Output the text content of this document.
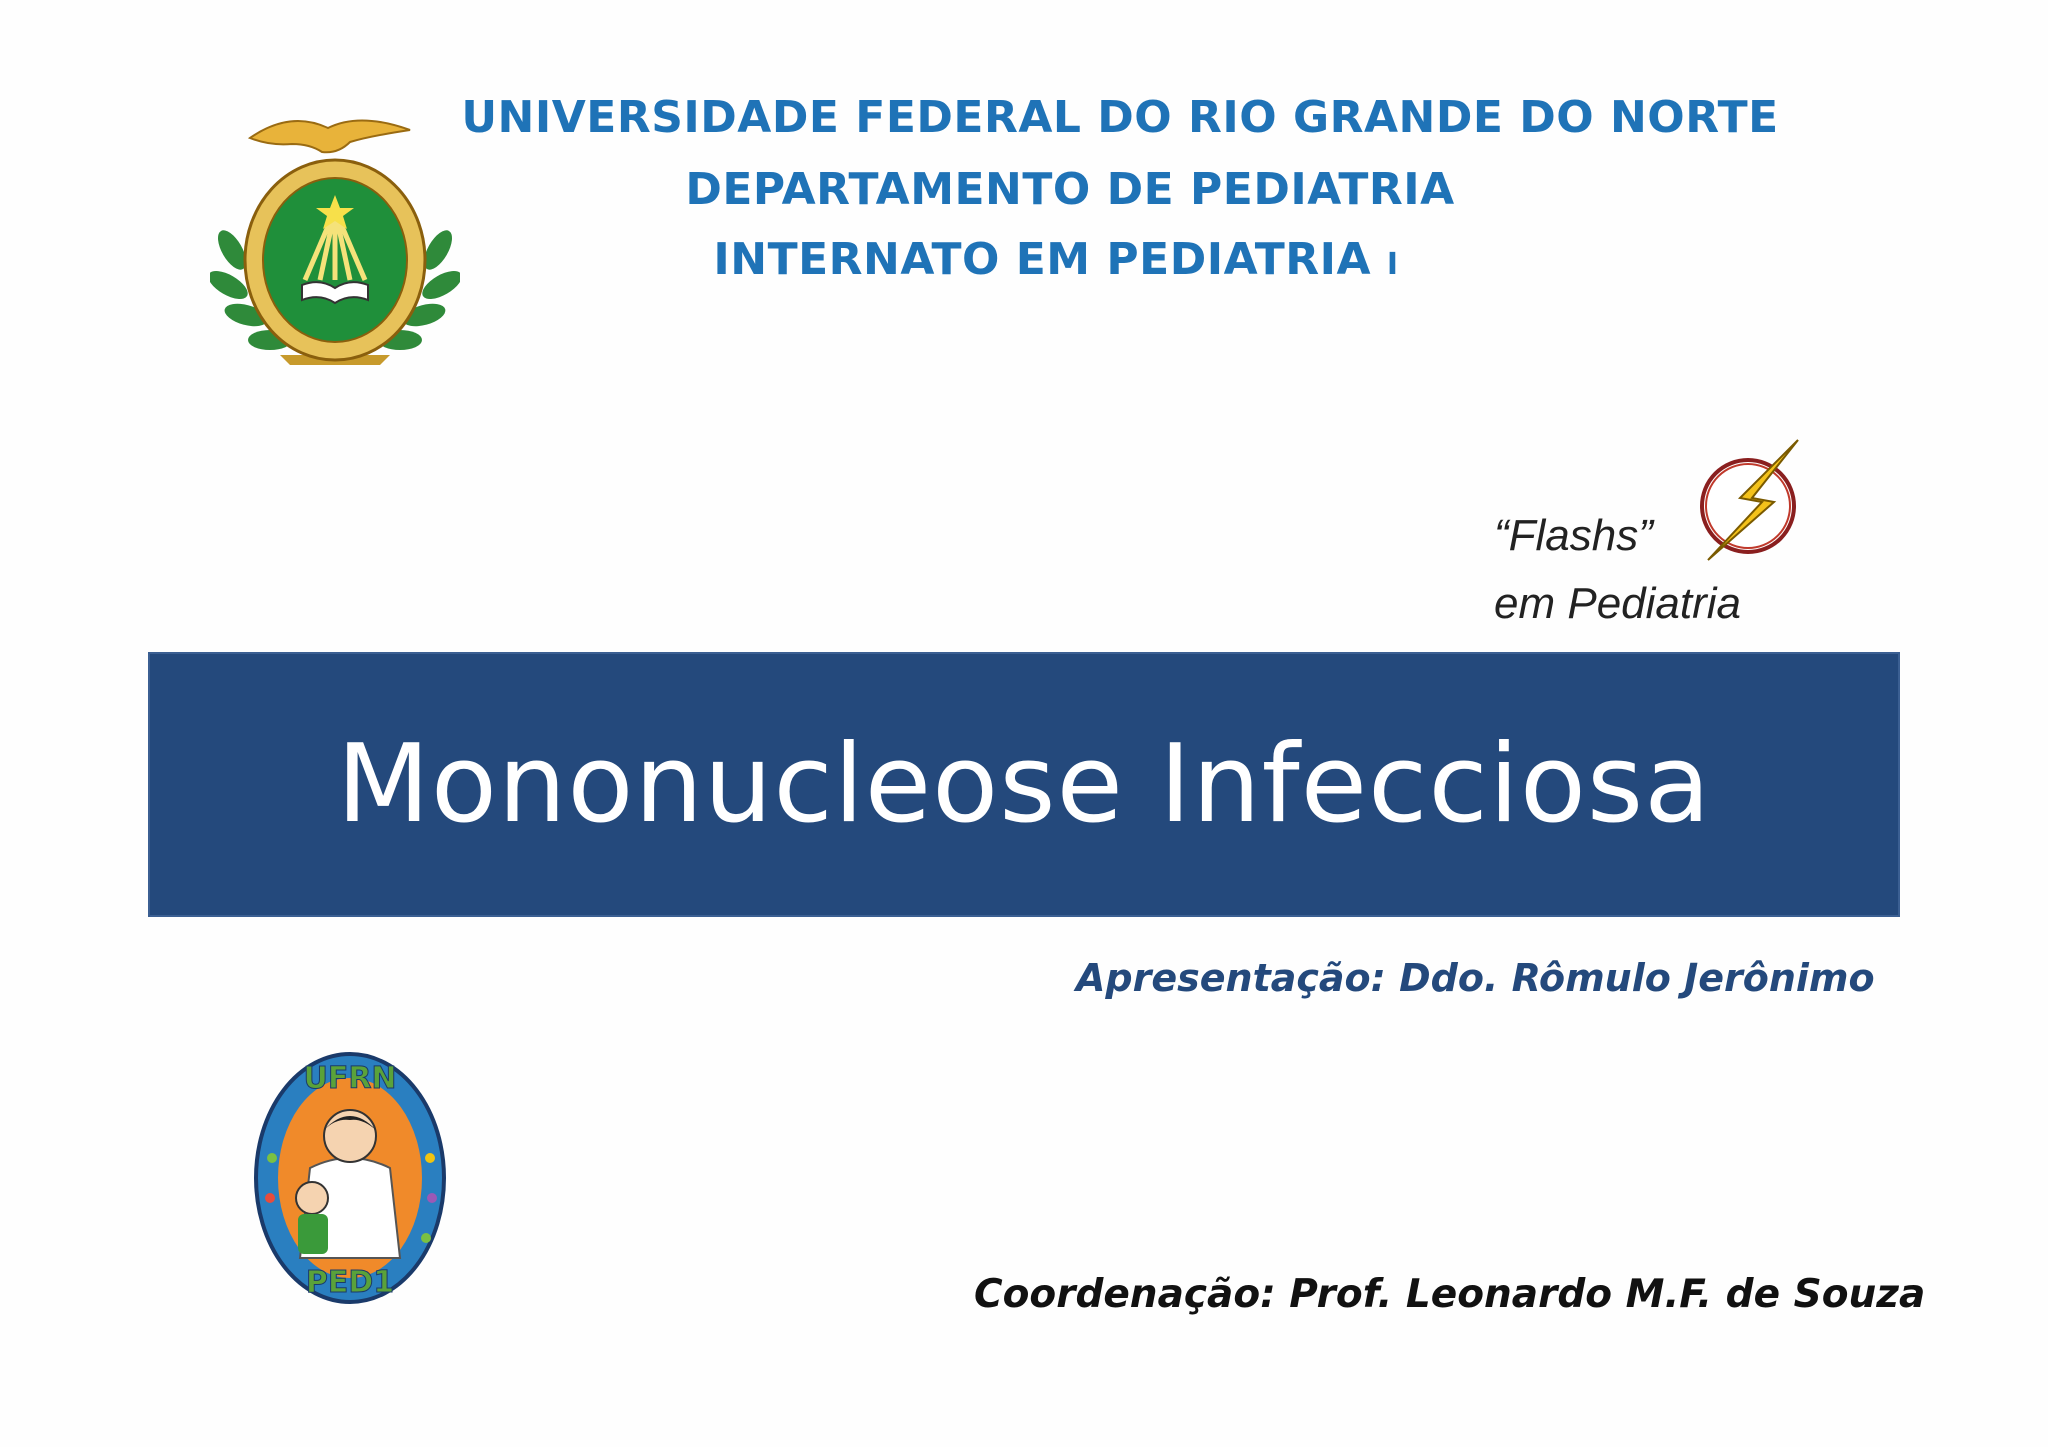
UNIVERSIDADE FEDERAL DO RIO GRANDE DO NORTE
DEPARTAMENTO DE PEDIATRIA
INTERNATO EM PEDIATRIA I
“Flashs”
em Pediatria
Mononucleose Infecciosa
Apresentação: Ddo. Rômulo Jerônimo
UFRN
PED1	Coordenação: Prof. Leonardo M.F. de Souza
